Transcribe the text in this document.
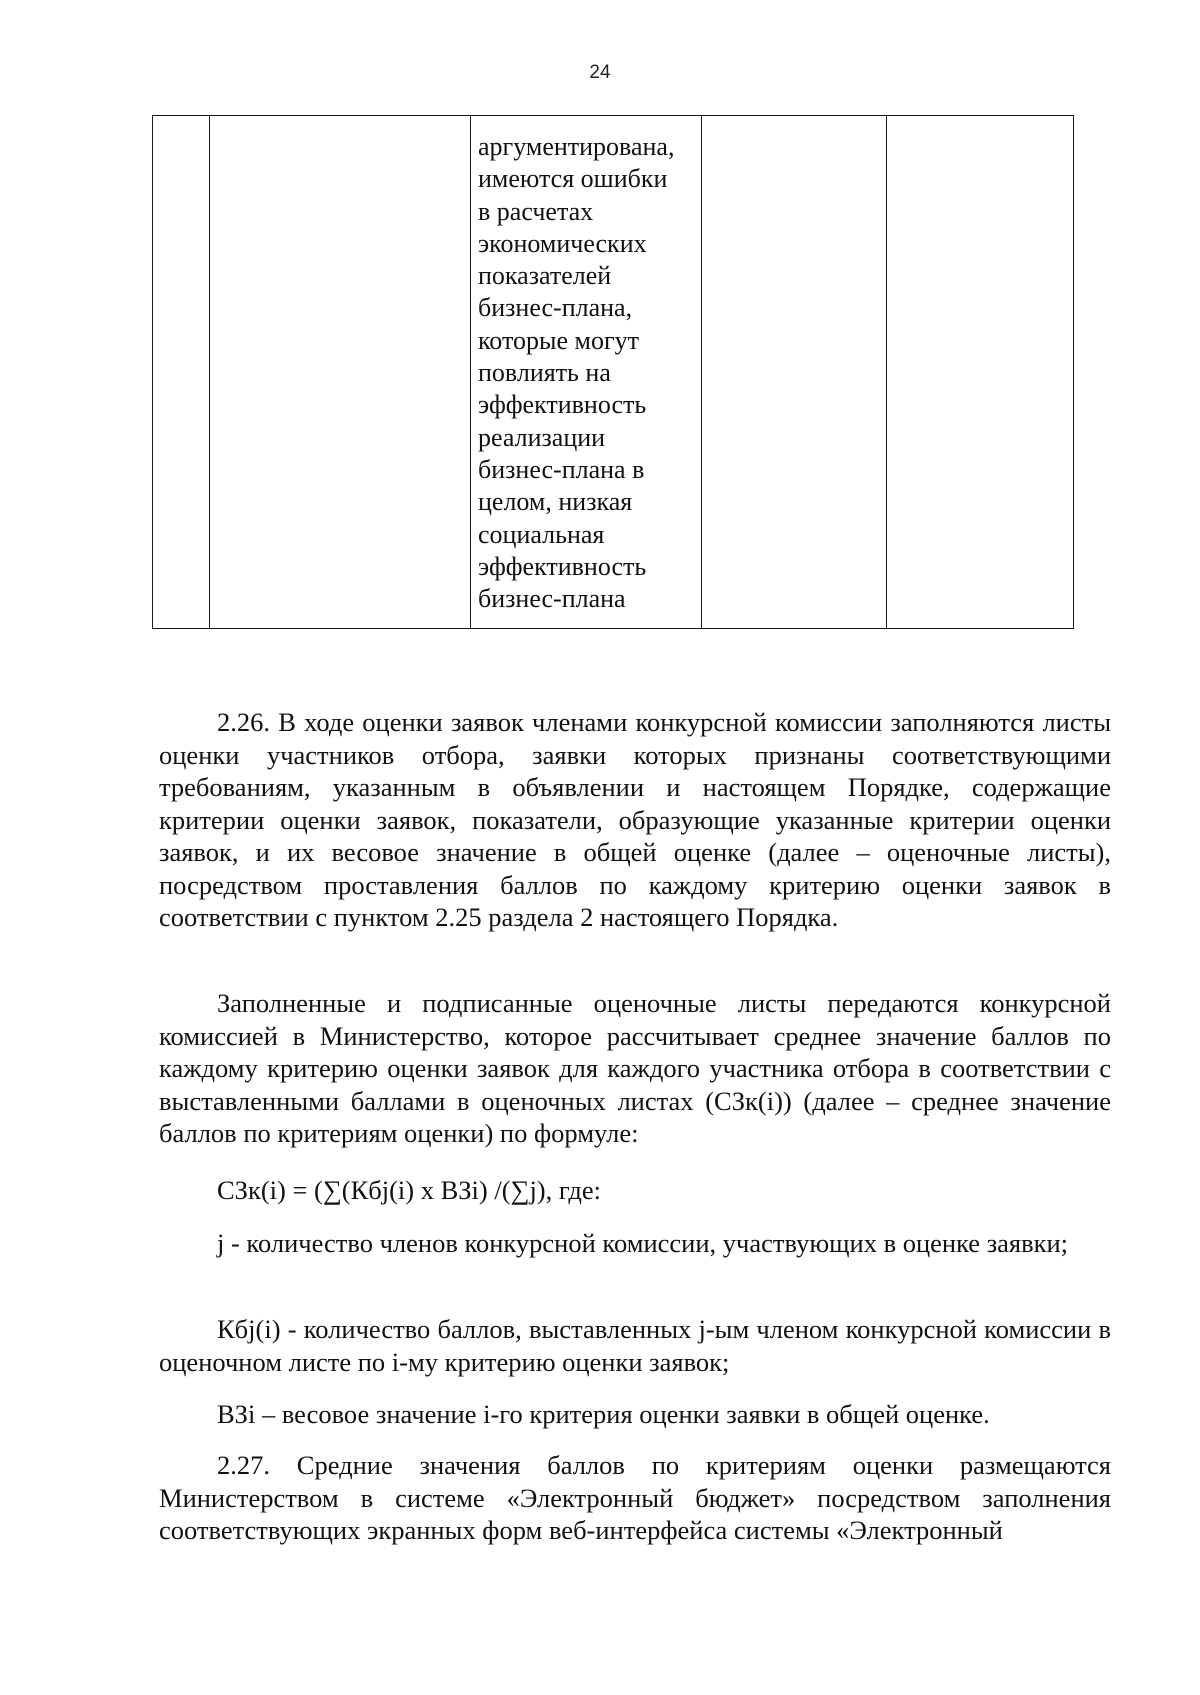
24

аргументирована,
имеются ошибки
в расчетах
экономических
показателей
бизнес-плана,
которые могут
повлиять на
эффективность
реализации
бизнес-плана в
целом, низкая
социальная
эффективность
бизнес-плана

2.26. В ходе оценки заявок членами конкурсной комиссии заполняются листы оценки участников отбора, заявки которых признаны соответствующими требованиям, указанным в объявлении и настоящем Порядке, содержащие критерии оценки заявок, показатели, образующие указанные критерии оценки заявок, и их весовое значение в общей оценке (далее – оценочные листы), посредством проставления баллов по каждому критерию оценки заявок в соответствии с пунктом 2.25 раздела 2 настоящего Порядка.

Заполненные и подписанные оценочные листы передаются конкурсной комиссией в Министерство, которое рассчитывает среднее значение баллов по каждому критерию оценки заявок для каждого участника отбора в соответствии с выставленными баллами в оценочных листах (СЗк(i)) (далее – среднее значение баллов по критериям оценки) по формуле:

СЗк(i) = (∑(Кбj(i) x ВЗi) /(∑j), где:

j - количество членов конкурсной комиссии, участвующих в оценке заявки;

Кбj(i) - количество баллов, выставленных j-ым членом конкурсной комиссии в оценочном листе по i-му критерию оценки заявок;

ВЗi – весовое значение i-го критерия оценки заявки в общей оценке.

2.27. Средние значения баллов по критериям оценки размещаются Министерством в системе «Электронный бюджет» посредством заполнения соответствующих экранных форм веб-интерфейса системы «Электронный
